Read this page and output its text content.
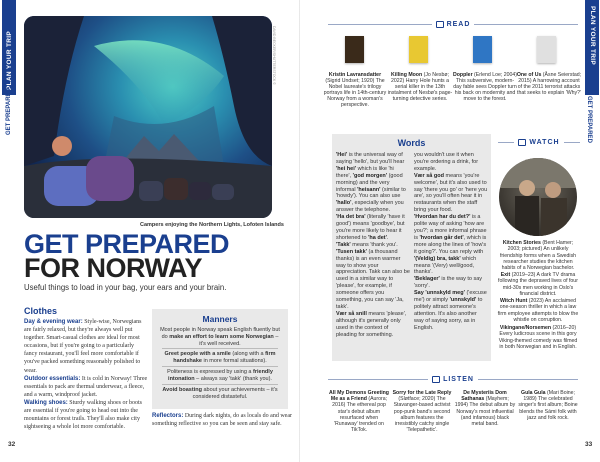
PLAN YOUR TRIP
GET PREPARED
DAVID BECKER/SHUTTERSTOCK ©
Campers enjoying the Northern Lights, Lofoten Islands
GET PREPARED
FOR NORWAY
Useful things to load in your bag, your ears and your brain.
Clothes
Day & evening wear: Style-wise, Norwegians are fairly relaxed, but they're always well put together. Smart-casual clothes are ideal for most occasions, but if you're going to a particularly fancy restaurant, you'll feel more comfortable if you've packed something reasonably polished to wear.
Outdoor essentials: It is cold in Norway! Three essentials to pack are thermal underwear, a fleece, and a warm, windproof jacket.
Walking shoes: Sturdy walking shoes or boots are essential if you're going to head out into the mountains or forest trails. They'll also make city sightseeing a whole lot more comfortable.
Manners

Most people in Norway speak English fluently but do make an effort to learn some Norwegian – it's well received.

Greet people with a smile (along with a firm handshake in more formal situations).

Politeness is expressed by using a friendly intonation – always say 'takk' (thank you).

Avoid boasting about your achievements – it's considered distasteful.

Reflectors: During dark nights, do as locals do and wear something reflective so you can be seen and stay safe.
32
PLAN YOUR TRIP
GET PREPARED
READ
Kristin Lavransdatter (Sigrid Undset; 1920) The Nobel laureate's trilogy portrays life in 14th-century Norway from a woman's perspective.
Killing Moon (Jo Nesbø; 2022) Harry Hole hunts a serial killer in the 13th instalment of Nesbø's page-turning detective series.
Doppler (Erlend Loe; 2004) This subversive, modern-day fable sees Doppler turn his back on modernity and move to the forest.
One of Us (Åsne Seierstad; 2015) A harrowing account of the 2011 terrorist attacks that seeks to explain 'Why?'
Words
'Hei' is the universal way of saying 'hello', but you'll hear 'hei hei' which is like 'hi there', 'god morgen' (good morning) and the very informal 'heisann' (similar to 'howdy'). You can also use 'hallo', especially when you answer the telephone.
'Ha det bra' (literally 'have it good') means 'goodbye', but you're more likely to hear it shortened to 'ha det'.
'Takk' means 'thank you'. 'Tusen takk' (a thousand thanks) is an even warmer way to show your appreciation. Takk can also be used in a similar way to 'please', for example, if someone offers you something, you can say 'Ja, takk'.
Vær så snill means 'please', although it's generally only used in the context of pleading for something.
you wouldn't use it when you're ordering a drink, for example.
Vær så god means 'you're welcome', but it's also used to say 'there you go' or 'here you are', so you'll often hear it in restaurants when the staff bring your food.
'Hvordan har du det?' is a polite way of asking 'how are you?'; a more informal phrase is 'hvordan går det', which is more along the lines of 'how's it going?'. You can reply with '(Veldig) bra, takk' which means '(Very) well/good, thanks'.
'Beklager' is the way to say 'sorry'.
Say 'unnskyld meg' ('excuse me') or simply 'unnskyld' to politely attract someone's attention. It's also another way of saying sorry, as in English.
WATCH
Kitchen Stories (Bent Hamer; 2003; pictured) An unlikely friendship forms when a Swedish researcher studies the kitchen habits of a Norwegian bachelor.
Exit (2019–23) A dark TV drama following the depraved lives of four mid-30s men working in Oslo's financial district.
Witch Hunt (2023) An acclaimed one-season thriller in which a law firm employee attempts to blow the whistle on corruption.
Vikingane/Norsemen (2016–20) Every ludicrous scene in this gory Viking-themed comedy was filmed in both Norwegian and in English.
LISTEN
All My Demons Greeting Me as a Friend (Aurora; 2016) The ethereal pop star's debut album resurfaced when 'Runaway' trended on TikTok.
Sorry for the Late Reply (Sløtface; 2020) The Stavanger-based activist pop-punk band's second album features the irresistibly catchy single 'Telepathetic'.
De Mysteriis Dom Sathanas (Mayhem; 1994) The debut album by Norway's most influential (and infamous) black metal band.
Gula Gula (Mari Boine; 1989) The celebrated singer's first album; Boine blends the Sámi folk with jazz and folk rock.
33
